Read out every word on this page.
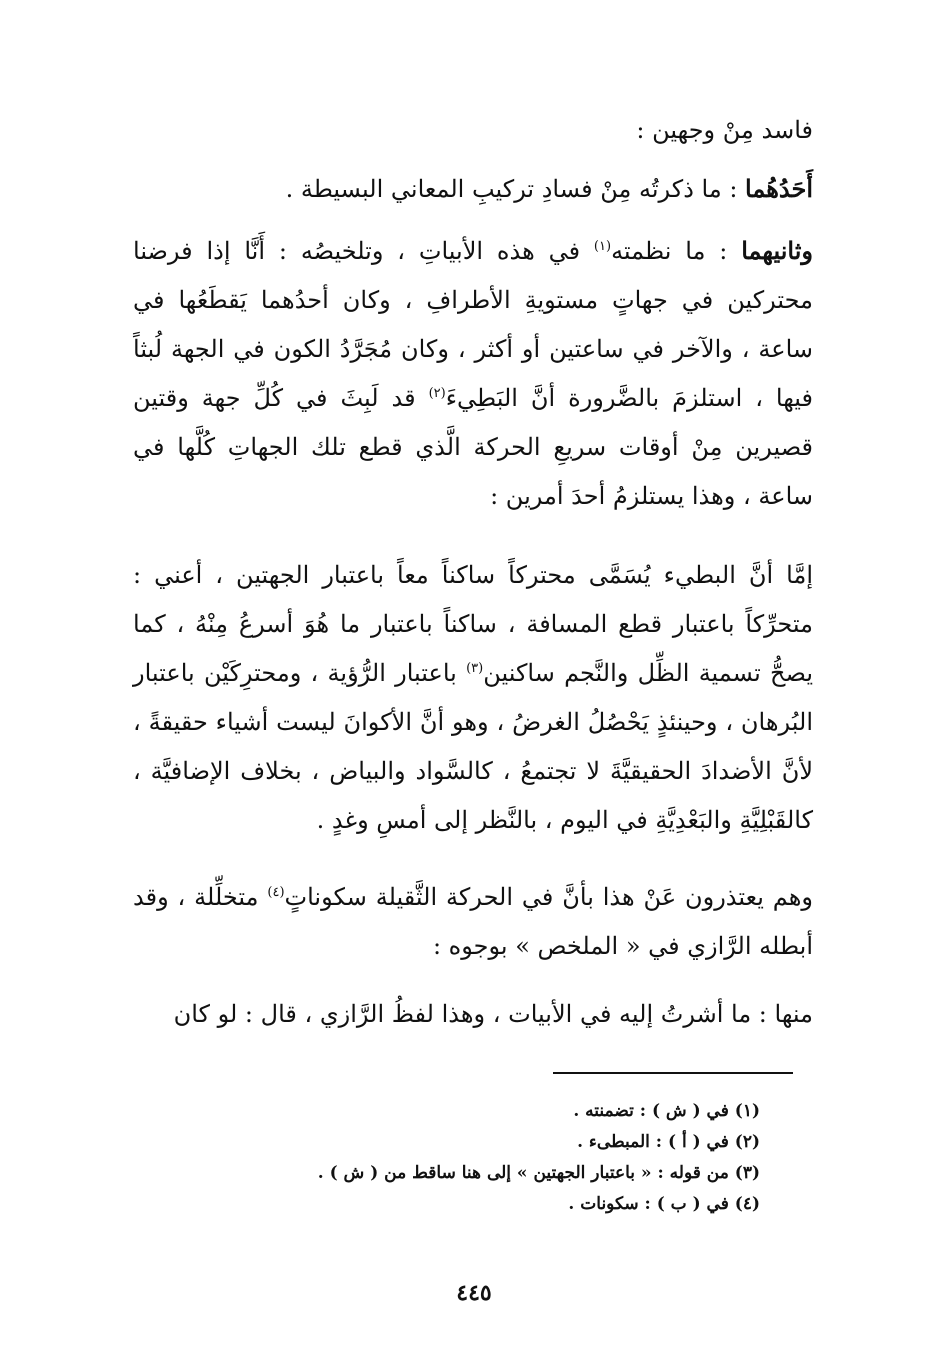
فاسد مِنْ وجهين :

أَحَدُهُما : ما ذكرتُه مِنْ فسادِ تركيبِ المعاني البسيطة .

وثانيهما : ما نظمته$^{(١)}$ في هذه الأبياتِ ، وتلخيصُه : أَنَّا إذا فرضنا محتركين في جهاتٍ مستويةِ الأطرافِ ، وكان أحدُهما يَقطَعُها في ساعة ، والآخر في ساعتين أو أكثر ، وكان مُجَرَّدُ الكون في الجهة لُبثاً فيها ، استلزمَ بالضَّرورة أنَّ البَطِيءَ$^{(٢)}$ قد لَبِثَ في كُلِّ جهة وقتين قصيرين مِنْ أوقات سريعِ الحركة الَّذي قطع تلك الجهاتِ كُلَّها في ساعة ، وهذا يستلزمُ أحدَ أمرين :

إمَّا أنَّ البطيء يُسَمَّى محتركاً ساكناً معاً باعتبار الجهتين ، أعني : متحرِّكاً باعتبار قطع المسافة ، ساكناً باعتبار ما هُوَ أسرعُ مِنْهُ ، كما يصحُّ تسمية الظِّل والنَّجم ساكنين$^{(٣)}$ باعتبار الرُّؤية ، ومحترِكَيْن باعتبار البُرهان ، وحينئذٍ يَحْصُلُ الغرضُ ، وهو أنَّ الأكوانَ ليست أشياء حقيقةً ، لأنَّ الأضدادَ الحقيقيَّةَ لا تجتمعُ ، كالسَّواد والبياض ، بخلاف الإضافيَّة ، كالقَبْلِيَّةِ والبَعْدِيَّةِ في اليوم ، بالنَّظر إلى أمسِ وغدٍ .

وهم يعتذرون عَنْ هذا بأنَّ في الحركة الثَّقيلة سكوناتٍ$^{(٤)}$ متخلِّلة ، وقد أبطله الرَّازي في « الملخص » بوجوه :

منها : ما أشرتُ إليه في الأبيات ، وهذا لفظُ الرَّازي ، قال : لو كان

(١) في ( ش ) : تضمنته .

(٢) في ( أ ) : المبطىء .

(٣) من قوله : « باعتبار الجهتين » إلى هنا ساقط من ( ش ) .

(٤) في ( ب ) : سكونات .

٤٤٥
